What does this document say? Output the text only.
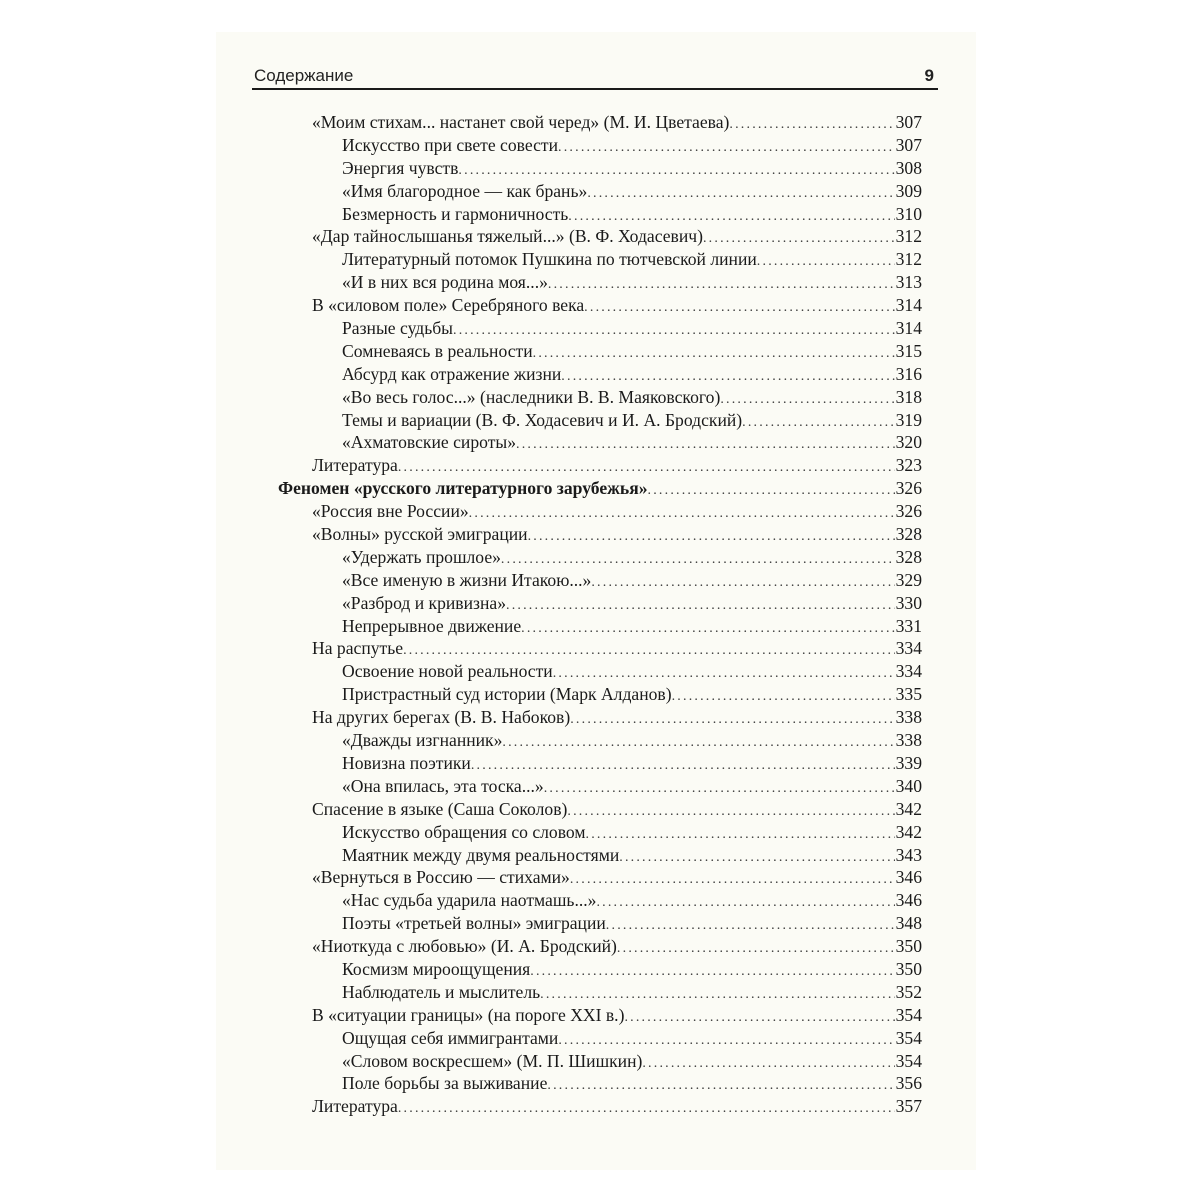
Содержание	9
«Моим стихам... настанет свой черед» (М. И. Цветаева) .....	307
Искусство при свете совести .....	307
Энергия чувств .....	308
«Имя благородное — как брань» .....	309
Безмерность и гармоничность .....	310
«Дар тайнослышанья тяжелый...» (В. Ф. Ходасевич) .....	312
Литературный потомок Пушкина по тютчевской линии .....	312
«И в них вся родина моя...» .....	313
В «силовом поле» Серебряного века .....	314
Разные судьбы .....	314
Сомневаясь в реальности .....	315
Абсурд как отражение жизни .....	316
«Во весь голос...» (наследники В. В. Маяковского) .....	318
Темы и вариации (В. Ф. Ходасевич и И. А. Бродский) .....	319
«Ахматовские сироты» .....	320
Литература .....	323
Феномен «русского литературного зарубежья» .....	326
«Россия вне России» .....	326
«Волны» русской эмиграции .....	328
«Удержать прошлое» .....	328
«Все именую в жизни Итакою...» .....	329
«Разброд и кривизна» .....	330
Непрерывное движение .....	331
На распутье .....	334
Освоение новой реальности .....	334
Пристрастный суд истории (Марк Алданов) .....	335
На других берегах (В. В. Набоков) .....	338
«Дважды изгнанник» .....	338
Новизна поэтики .....	339
«Она впилась, эта тоска...» .....	340
Спасение в языке (Саша Соколов) .....	342
Искусство обращения со словом .....	342
Маятник между двумя реальностями .....	343
«Вернуться в Россию — стихами» .....	346
«Нас судьба ударила наотмашь...» .....	346
Поэты «третьей волны» эмиграции .....	348
«Ниоткуда с любовью» (И. А. Бродский) .....	350
Космизм мироощущения .....	350
Наблюдатель и мыслитель .....	352
В «ситуации границы» (на пороге XXI в.) .....	354
Ощущая себя иммигрантами .....	354
«Словом воскресшем» (М. П. Шишкин) .....	354
Поле борьбы за выживание .....	356
Литература .....	357
